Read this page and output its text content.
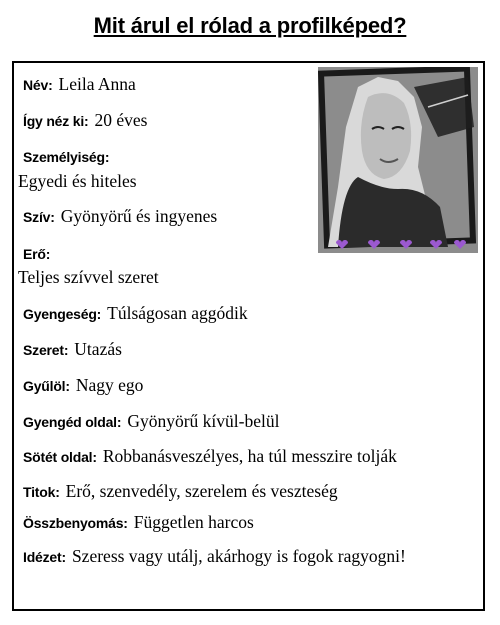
Mit árul el rólad a profilképed?
Név: Leila Anna
Így néz ki: 20 éves
Személyiség:
Egyedi és hiteles
Szív: Gyönyörű és ingyenes
Erő:
Teljes szívvel szeret
Gyengeség: Túlságosan aggódik
Szeret: Utazás
Gyűlöl: Nagy ego
Gyengéd oldal: Gyönyörű kívül-belül
Sötét oldal: Robbanásveszélyes, ha túl messzire tolják
Titok: Erő, szenvedély, szerelem és veszteség
Összbenyomás: Független harcos
Idézet: Szeress vagy utálj, akárhogy is fogok ragyogni!
